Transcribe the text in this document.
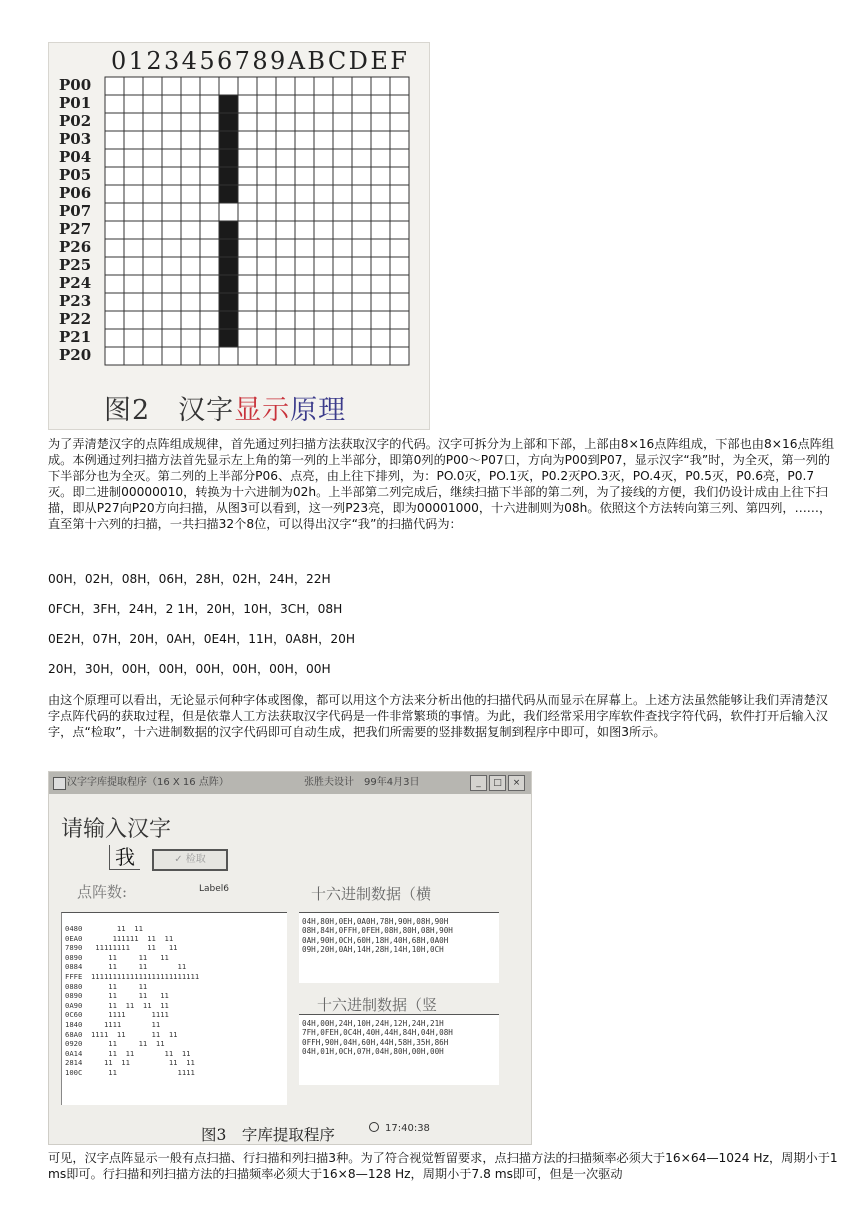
0123456789ABCDEF
P00
P01
P02
P03
P04
P05
P06
P07
P27
P26
P25
P24
P23
P22
P21
P20
图2　汉字显示原理

为了弄清楚汉字的点阵组成规律，首先通过列扫描方法获取汉字的代码。汉字可拆分为上部和下部，上部由8×16点阵组成，下部也由8×16点阵组成。本例通过列扫描方法首先显示左上角的第一列的上半部分，即第0列的P00～P07口，方向为P00到P07，显示汉字“我”时，为全灭，第一列的下半部分也为全灭。第二列的上半部分P06、点亮，由上往下排列，为：PO.0灭，PO.1灭，P0.2灭PO.3灭，PO.4灭，P0.5灭，P0.6亮，P0.7灭。即二进制00000010，转换为十六进制为02h。上半部第二列完成后，继续扫描下半部的第二列，为了接线的方便，我们仍设计成由上往下扫描，即从P27向P20方向扫描，从图3可以看到，这一列P23亮，即为00001000，十六进制则为08h。依照这个方法转向第三列、第四列，……，直至第十六列的扫描，一共扫描32个8位，可以得出汉字“我”的扫描代码为：

00H，02H，08H，06H，28H，02H，24H，22H

0FCH，3FH，24H，2 1H，20H，10H，3CH，08H

0E2H，07H，20H，0AH，0E4H，11H，0A8H，20H

20H，30H，00H，00H，00H，00H，00H，00H

由这个原理可以看出，无论显示何种字体或图像，都可以用这个方法来分析出他的扫描代码从而显示在屏幕上。上述方法虽然能够让我们弄清楚汉字点阵代码的获取过程，但是依靠人工方法获取汉字代码是一件非常繁琐的事情。为此，我们经常采用字库软件查找字符代码，软件打开后输入汉字，点“检取”，十六进制数据的汉字代码即可自动生成，把我们所需要的竖排数据复制到程序中即可，如图3所示。

汉字字库提取程序（16 X 16 点阵）	张胜夫设计　99年4月3日	_	□	×
请输入汉字
我	✓ 检取
点阵数:	Label6	十六进制数据（横
0480        11  11
0EA0       111111  11  11
7890   11111111    11   11
0890      11     11   11
0884      11     11       11
FFFE  1111111111111111111111111
0880      11     11
0890      11     11   11
0A90      11  11  11  11
0C60      1111      1111
1840     1111       11
68A0  1111  11      11  11
0920      11     11  11
0A14      11  11       11  11
2814     11  11         11  11
100C      11              1111
04H,80H,0EH,0A0H,78H,90H,08H,90H
08H,84H,0FFH,0FEH,08H,80H,08H,90H
0AH,90H,0CH,60H,18H,40H,68H,0A0H
09H,20H,0AH,14H,28H,14H,10H,0CH
十六进制数据（竖
04H,00H,24H,10H,24H,12H,24H,21H
7FH,0FEH,0C4H,40H,44H,84H,04H,08H
0FFH,90H,04H,60H,44H,58H,35H,86H
04H,01H,0CH,07H,04H,80H,00H,00H
17:40:38
图3　字库提取程序

可见，汉字点阵显示一般有点扫描、行扫描和列扫描3种。为了符合视觉暂留要求，点扫描方法的扫描频率必须大于16×64—1024 Hz，周期小于1 ms即可。行扫描和列扫描方法的扫描频率必须大于16×8—128 Hz，周期小于7.8 ms即可，但是一次驱动
